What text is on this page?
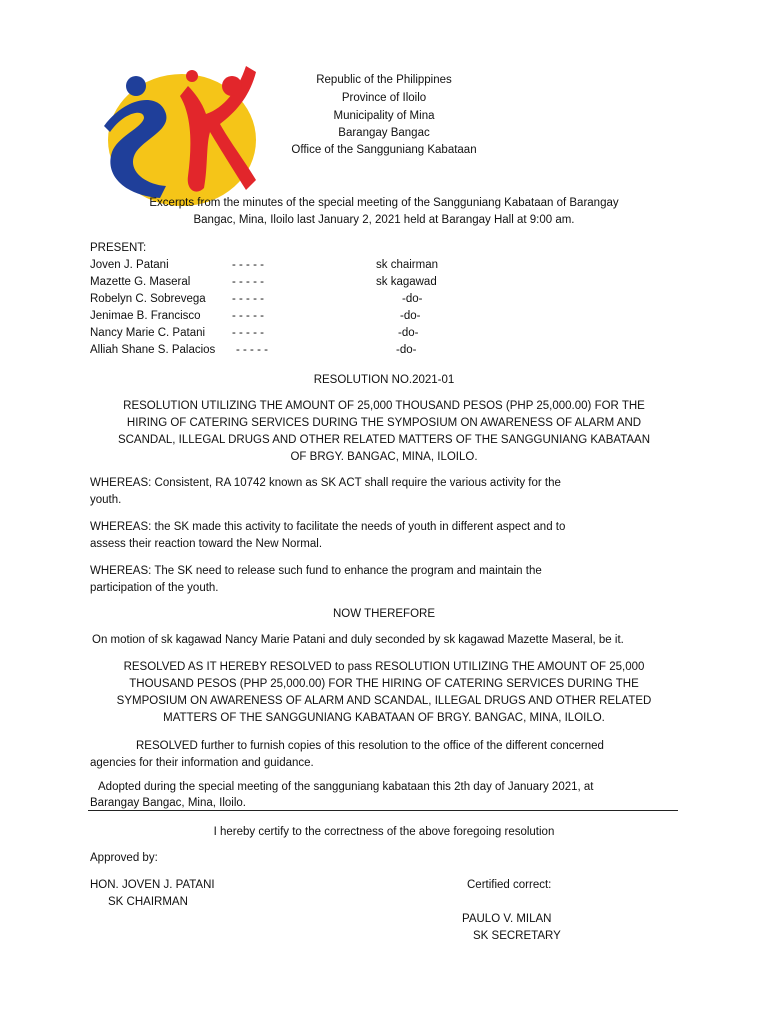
Republic of the Philippines
Province of Iloilo
Municipality of Mina
Barangay Bangac
Office of the Sangguniang Kabataan
Excerpts from the minutes of the special meeting of the Sangguniang Kabataan of Barangay
Bangac, Mina, Iloilo last January 2, 2021 held at Barangay Hall at 9:00 am.
PRESENT:
Joven J. Patani	- - - - -	sk chairman
Mazette G. Maseral	- - - - -	sk kagawad
Robelyn C. Sobrevega - - - - -	-do-
Jenimae B. Francisco	- - - - -	-do-
Nancy Marie C. Patani - - - - -	-do-
Alliah Shane S. Palacios - - - - -	-do-
RESOLUTION NO.2021-01
RESOLUTION UTILIZING THE AMOUNT OF 25,000 THOUSAND PESOS (PHP 25,000.00) FOR THE
HIRING OF CATERING SERVICES DURING THE SYMPOSIUM ON AWARENESS OF ALARM AND
SCANDAL, ILLEGAL DRUGS AND OTHER RELATED MATTERS OF THE SANGGUNIANG KABATAAN
OF BRGY. BANGAC, MINA, ILOILO.
WHEREAS: Consistent, RA 10742 known as SK ACT shall require the various activity for the
youth.
WHEREAS: the SK made this activity to facilitate the needs of youth in different aspect and to
assess their reaction toward the New Normal.
WHEREAS: The SK need to release such fund to enhance the program and maintain the
participation of the youth.
NOW THEREFORE
On motion of sk kagawad Nancy Marie Patani and duly seconded by sk kagawad Mazette Maseral, be it.
RESOLVED AS IT HEREBY RESOLVED to pass RESOLUTION UTILIZING THE AMOUNT OF 25,000
THOUSAND PESOS (PHP 25,000.00) FOR THE HIRING OF CATERING SERVICES DURING THE
SYMPOSIUM ON AWARENESS OF ALARM AND SCANDAL, ILLEGAL DRUGS AND OTHER RELATED
MATTERS OF THE SANGGUNIANG KABATAAN OF BRGY. BANGAC, MINA, ILOILO.
RESOLVED further to furnish copies of this resolution to the office of the different concerned
agencies for their information and guidance.
Adopted during the special meeting of the sangguniang kabataan this 2th day of January 2021, at
Barangay Bangac, Mina, Iloilo.
I hereby certify to the correctness of the above foregoing resolution
Approved by:
HON. JOVEN J. PATANI
SK CHAIRMAN
Certified correct:
PAULO V. MILAN
SK SECRETARY
